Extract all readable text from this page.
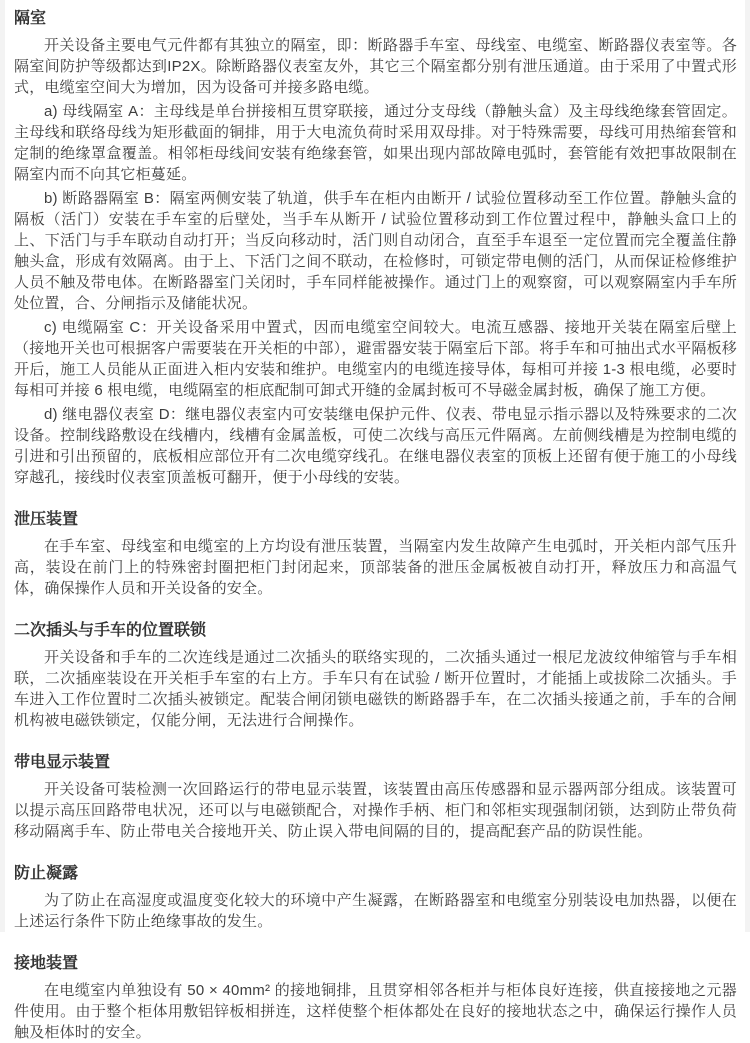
隔室

开关设备主要电气元件都有其独立的隔室，即：断路器手车室、母线室、电缆室、断路器仪表室等。各隔室间防护等级都达到IP2X。除断路器仪表室友外，其它三个隔室都分别有泄压通道。由于采用了中置式形式，电缆室空间大为增加，因为设备可并接多路电缆。

a) 母线隔室 A：主母线是单台拼接相互贯穿联接，通过分支母线（静触头盒）及主母线绝缘套管固定。主母线和联络母线为矩形截面的铜排，用于大电流负荷时采用双母排。对于特殊需要，母线可用热缩套管和定制的绝缘罩盒覆盖。相邻柜母线间安装有绝缘套管，如果出现内部故障电弧时，套管能有效把事故限制在隔室内而不向其它柜蔓延。

b) 断路器隔室 B：隔室两侧安装了轨道，供手车在柜内由断开 / 试验位置移动至工作位置。静触头盒的隔板（活门）安装在手车室的后壁处，当手车从断开 / 试验位置移动到工作位置过程中，静触头盒口上的上、下活门与手车联动自动打开；当反向移动时，活门则自动闭合，直至手车退至一定位置而完全覆盖住静触头盒，形成有效隔离。由于上、下活门之间不联动，在检修时，可锁定带电侧的活门，从而保证检修维护人员不触及带电体。在断路器室门关闭时，手车同样能被操作。通过门上的观察窗，可以观察隔室内手车所处位置，合、分闸指示及储能状况。

c) 电缆隔室 C：开关设备采用中置式，因而电缆室空间较大。电流互感器、接地开关装在隔室后壁上（接地开关也可根据客户需要装在开关柜的中部），避雷器安装于隔室后下部。将手车和可抽出式水平隔板移开后，施工人员能从正面进入柜内安装和维护。电缆室内的电缆连接导体，每相可并接 1-3 根电缆，必要时每相可并接 6 根电缆，电缆隔室的柜底配制可卸式开缝的金属封板可不导磁金属封板，确保了施工方便。

d) 继电器仪表室 D：继电器仪表室内可安装继电保护元件、仪表、带电显示指示器以及特殊要求的二次设备。控制线路敷设在线槽内，线槽有金属盖板，可使二次线与高压元件隔离。左前侧线槽是为控制电缆的引进和引出预留的，底板相应部位开有二次电缆穿线孔。在继电器仪表室的顶板上还留有便于施工的小母线穿越孔，接线时仪表室顶盖板可翻开，便于小母线的安装。

泄压装置

在手车室、母线室和电缆室的上方均设有泄压装置，当隔室内发生故障产生电弧时，开关柜内部气压升高，装设在前门上的特殊密封圈把柜门封闭起来，顶部装备的泄压金属板被自动打开，释放压力和高温气体，确保操作人员和开关设备的安全。

二次插头与手车的位置联锁

开关设备和手车的二次连线是通过二次插头的联络实现的，二次插头通过一根尼龙波纹伸缩管与手车相联，二次插座装设在开关柜手车室的右上方。手车只有在试验 / 断开位置时，才能插上或拔除二次插头。手车进入工作位置时二次插头被锁定。配装合闸闭锁电磁铁的断路器手车，在二次插头接通之前，手车的合闸机构被电磁铁锁定，仅能分闸，无法进行合闸操作。

带电显示装置

开关设备可装检测一次回路运行的带电显示装置，该装置由高压传感器和显示器两部分组成。该装置可以提示高压回路带电状况，还可以与电磁锁配合，对操作手柄、柜门和邻柜实现强制闭锁，达到防止带负荷移动隔离手车、防止带电关合接地开关、防止误入带电间隔的目的，提高配套产品的防误性能。

防止凝露

为了防止在高湿度或温度变化较大的环境中产生凝露，在断路器室和电缆室分别装设电加热器，以便在上述运行条件下防止绝缘事故的发生。

接地装置

在电缆室内单独设有 50 × 40mm² 的接地铜排，且贯穿相邻各柜并与柜体良好连接，供直接接地之元器件使用。由于整个柜体用敷铝锌板相拼连，这样使整个柜体都处在良好的接地状态之中，确保运行操作人员触及柜体时的安全。
